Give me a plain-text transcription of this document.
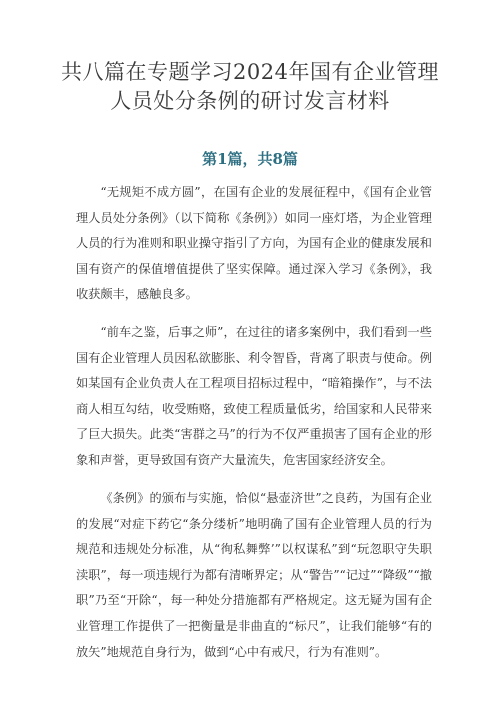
共八篇在专题学习2024年国有企业管理人员处分条例的研讨发言材料
第1篇，共8篇

“无规矩不成方圆”，在国有企业的发展征程中，《国有企业管理人员处分条例》（以下简称《条例》）如同一座灯塔，为企业管理人员的行为准则和职业操守指引了方向，为国有企业的健康发展和国有资产的保值增值提供了坚实保障。通过深入学习《条例》，我收获颇丰，感触良多。

“前车之鉴，后事之师”，在过往的诸多案例中，我们看到一些国有企业管理人员因私欲膨胀、利令智昏，背离了职责与使命。例如某国有企业负责人在工程项目招标过程中，“暗箱操作”，与不法商人相互勾结，收受贿赂，致使工程质量低劣，给国家和人民带来了巨大损失。此类“害群之马”的行为不仅严重损害了国有企业的形象和声誉，更导致国有资产大量流失，危害国家经济安全。

《条例》的颁布与实施，恰似“悬壶济世”之良药，为国有企业的发展“对症下药它“条分缕析”地明确了国有企业管理人员的行为规范和违规处分标准，从“徇私舞弊’”以权谋私”到“玩忽职守失职渎职”，每一项违规行为都有清晰界定；从“警告”“记过”“降级”“撤职”乃至“开除“，每一种处分措施都有严格规定。这无疑为国有企业管理工作提供了一把衡量是非曲直的“标尺”，让我们能够“有的放矢”地规范自身行为，做到“心中有戒尺，行为有准则”。
